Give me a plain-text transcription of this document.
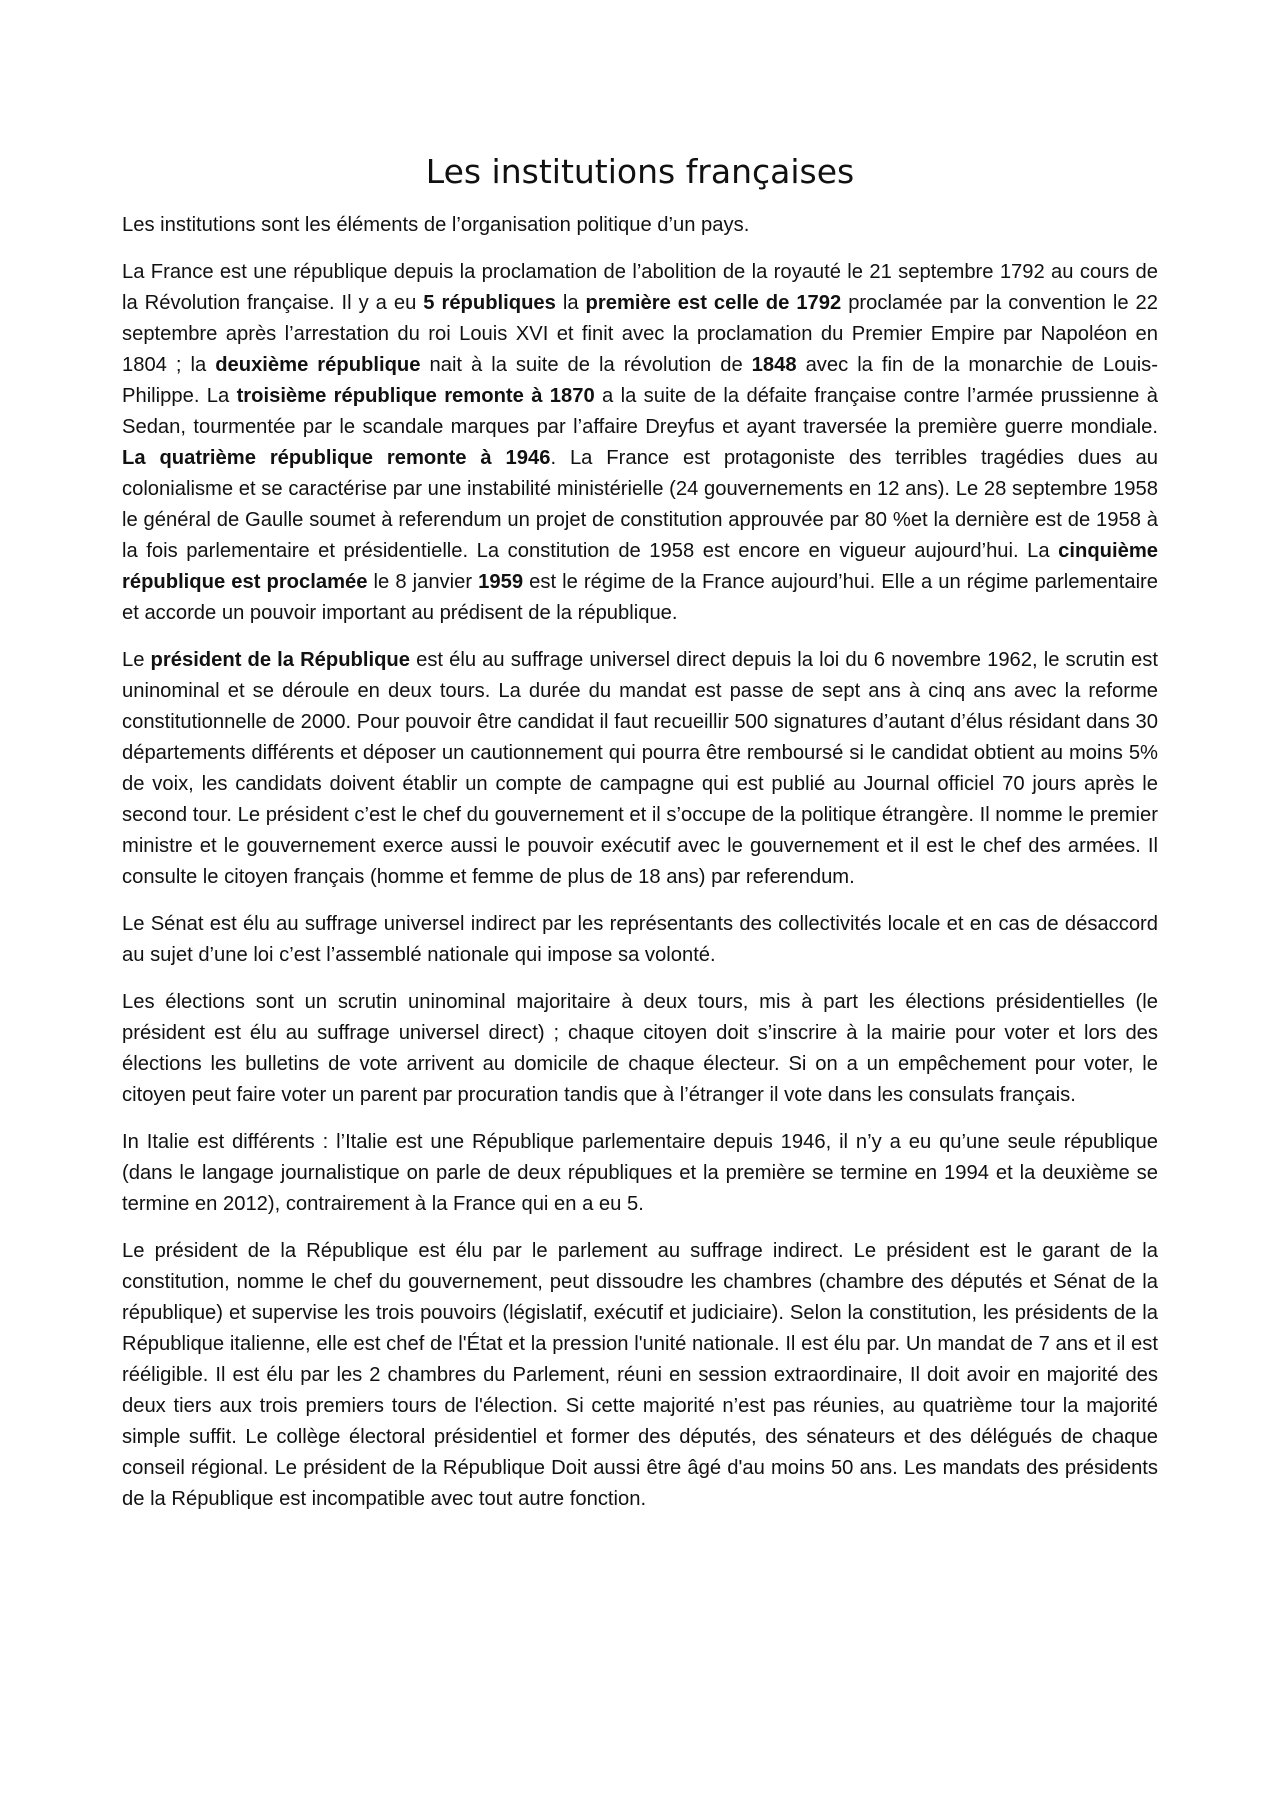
Les institutions françaises

Les institutions sont les éléments de l’organisation politique d’un pays.

La France est une république depuis la proclamation de l’abolition de la royauté le 21 septembre 1792 au cours de la Révolution française. Il y a eu 5 républiques la première est celle de 1792 proclamée par la convention le 22 septembre après l’arrestation du roi Louis XVI et finit avec la proclamation du Premier Empire par Napoléon en 1804 ; la deuxième république nait à la suite de la révolution de 1848 avec la fin de la monarchie de Louis-Philippe. La troisième république remonte à 1870 a la suite de la défaite française contre l’armée prussienne à Sedan, tourmentée par le scandale marques par l’affaire Dreyfus et ayant traversée la première guerre mondiale. La quatrième république remonte à 1946. La France est protagoniste des terribles tragédies dues au colonialisme et se caractérise par une instabilité ministérielle (24 gouvernements en 12 ans). Le 28 septembre 1958 le général de Gaulle soumet à referendum un projet de constitution approuvée par 80 %et la dernière est de 1958 à la fois parlementaire et présidentielle. La constitution de 1958 est encore en vigueur aujourd’hui. La cinquième république est proclamée le 8 janvier 1959 est le régime de la France aujourd’hui. Elle a un régime parlementaire et accorde un pouvoir important au prédisent de la république.

Le président de la République est élu au suffrage universel direct depuis la loi du 6 novembre 1962, le scrutin est uninominal et se déroule en deux tours. La durée du mandat est passe de sept ans à cinq ans avec la reforme constitutionnelle de 2000. Pour pouvoir être candidat il faut recueillir 500 signatures d’autant d’élus résidant dans 30 départements différents et déposer un cautionnement qui pourra être remboursé si le candidat obtient au moins 5% de voix, les candidats doivent établir un compte de campagne qui est publié au Journal officiel 70 jours après le second tour. Le président c’est le chef du gouvernement et il s’occupe de la politique étrangère. Il nomme le premier ministre et le gouvernement exerce aussi le pouvoir exécutif avec le gouvernement et il est le chef des armées. Il consulte le citoyen français (homme et femme de plus de 18 ans) par referendum.

Le Sénat est élu au suffrage universel indirect par les représentants des collectivités locale et en cas de désaccord au sujet d’une loi c’est l’assemblé nationale qui impose sa volonté.

Les élections sont un scrutin uninominal majoritaire à deux tours, mis à part les élections présidentielles (le président est élu au suffrage universel direct) ; chaque citoyen doit s’inscrire à la mairie pour voter et lors des élections les bulletins de vote arrivent au domicile de chaque électeur. Si on a un empêchement pour voter, le citoyen peut faire voter un parent par procuration tandis que à l’étranger il vote dans les consulats français.

In Italie est différents : l’Italie est une République parlementaire depuis 1946, il n’y a eu qu’une seule république (dans le langage journalistique on parle de deux républiques et la première se termine en 1994 et la deuxième se termine en 2012), contrairement à la France qui en a eu 5.

Le président de la République est élu par le parlement au suffrage indirect. Le président est le garant de la constitution, nomme le chef du gouvernement, peut dissoudre les chambres (chambre des députés et Sénat de la république) et supervise les trois pouvoirs (législatif, exécutif et judiciaire). Selon la constitution, les présidents de la République italienne, elle est chef de l'État et la pression l'unité nationale. Il est élu par. Un mandat de 7 ans et il est rééligible. Il est élu par les 2 chambres du Parlement, réuni en session extraordinaire, Il doit avoir en majorité des deux tiers aux trois premiers tours de l'élection. Si cette majorité n’est pas réunies, au quatrième tour la majorité simple suffit. Le collège électoral présidentiel et former des députés, des sénateurs et des délégués de chaque conseil régional. Le président de la République Doit aussi être âgé d'au moins 50 ans. Les mandats des présidents de la République est incompatible avec tout autre fonction.
